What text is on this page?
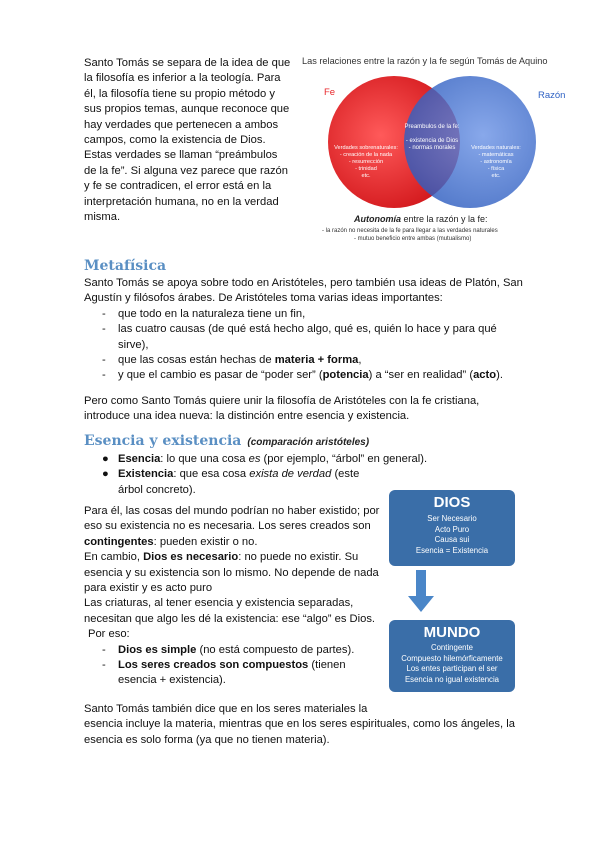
Santo Tomás se separa de la idea de que
la filosofía es inferior a la teología. Para
él, la filosofía tiene su propio método y
sus propios temas, aunque reconoce que
hay verdades que pertenecen a ambos
campos, como la existencia de Dios.
Estas verdades se llaman “preámbulos
de la fe”. Si alguna vez parece que razón
y fe se contradicen, el error está en la
interpretación humana, no en la verdad
misma.
Las relaciones entre la razón y la fe según Tomás de Aquino
Fe	Razón
Preambulos de la fe:
- existencia de Dios
- normas morales
Verdades sobrenaturales:
- creación de la nada
- resurrección
- trinidad
etc.
Verdades naturales:
- matemáticas
- astronomía
- física
etc.
Autonomía entre la razón y la fe:
- la razón no necesita de la fe para llegar a las verdades naturales
- mutuo beneficio entre ambas (mutualismo)
Metafísica
Santo Tomás se apoya sobre todo en Aristóteles, pero también usa ideas de Platón, San
Agustín y filósofos árabes. De Aristóteles toma varias ideas importantes:
- que todo en la naturaleza tiene un fin,
- las cuatro causas (de qué está hecho algo, qué es, quién lo hace y para qué
sirve),
- que las cosas están hechas de materia + forma,
- y que el cambio es pasar de “poder ser” (potencia) a “ser en realidad” (acto).
Pero como Santo Tomás quiere unir la filosofía de Aristóteles con la fe cristiana,
introduce una idea nueva: la distinción entre esencia y existencia.
Esencia y existencia (comparación aristóteles)
● Esencia: lo que una cosa es (por ejemplo, “árbol” en general).
● Existencia: que esa cosa exista de verdad (este
árbol concreto).
Para él, las cosas del mundo podrían no haber existido; por
eso su existencia no es necesaria. Los seres creados son
contingentes: pueden existir o no.
En cambio, Dios es necesario: no puede no existir. Su
esencia y su existencia son lo mismo. No depende de nada
para existir y es acto puro
Las criaturas, al tener esencia y existencia separadas,
necesitan que algo les dé la existencia: ese “algo” es Dios.
Por eso:
- Dios es simple (no está compuesto de partes).
- Los seres creados son compuestos (tienen
esencia + existencia).
DIOS
Ser Necesario
Acto Puro
Causa sui
Esencia = Existencia
MUNDO
Contingente
Compuesto hilemórficamente
Los entes participan el ser
Esencia no igual existencia
Santo Tomás también dice que en los seres materiales la
esencia incluye la materia, mientras que en los seres espirituales, como los ángeles, la
esencia es solo forma (ya que no tienen materia).
